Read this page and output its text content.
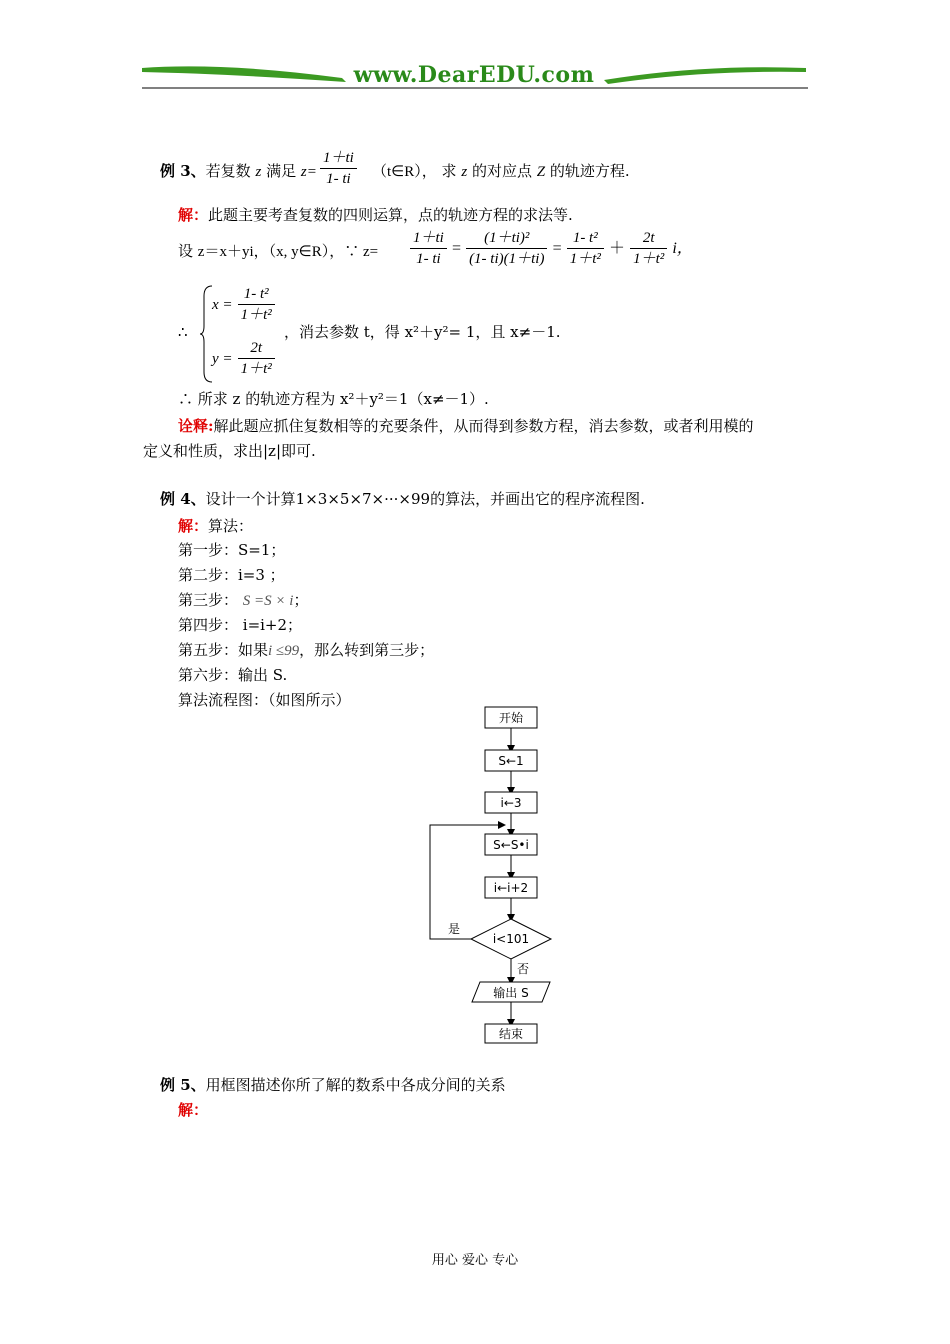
www.DearEDU.com
例 3、若复数 z 满足 $z= \frac{1+ti}{1- ti}$ （t∈R）， 求 z 的对应点 Z 的轨迹方程.
解：此题主要考查复数的四则运算，点的轨迹方程的求法等.
设 z＝x＋yi，（x, y∈R），∵ $z= \frac{1+ti}{1- ti} = \frac{\text{(1＋ti)²}}{(1- ti)(1+ti)} = \frac{\text{1- t²}}{\text{1＋t²}} + \frac{2t}{\text{1＋t²}}$ i，
∴
$x = \frac{\text{1- t²}}{\text{1＋t²}}$
$y = \frac{2t}{\text{1＋t²}}$
，消去参数 t，得 x²＋y²= 1，且 x≠－1.
∴ 所求 z 的轨迹方程为 x²＋y²＝1（x≠－1）.
诠释:解此题应抓住复数相等的充要条件，从而得到参数方程，消去参数，或者利用模的
定义和性质，求出|z|即可.
例 4、设计一个计算1×3×5×7×···×99的算法，并画出它的程序流程图.
解：算法：
第一步：S=1；
第二步：i=3 ；
第三步： S =S × i；
第四步： i=i+2；
第五步：如果i ≤99，那么转到第三步；
第六步：输出 S.
算法流程图：（如图所示）
开始
S←1
i←3
S←S•i
i←i+2
i<101
是
否
输出 S
结束
例 5、用框图描述你所了解的数系中各成分间的关系
解：
用心 爱心 专心
